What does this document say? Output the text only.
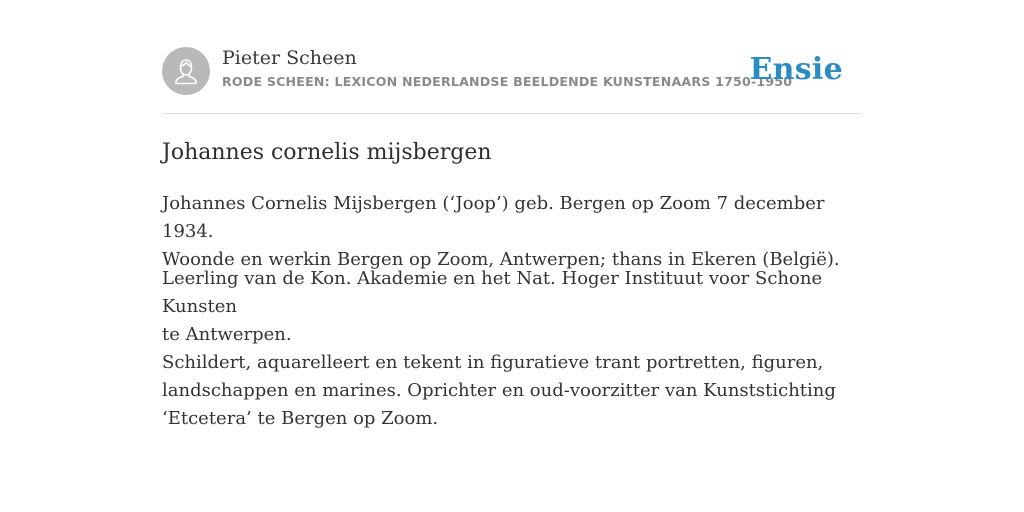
Pieter Scheen
RODE SCHEEN: LEXICON NEDERLANDSE BEELDENDE KUNSTENAARS 1750-1950
Ensie
Johannes cornelis mijsbergen

Johannes Cornelis Mijsbergen (‘Joop’) geb. Bergen op Zoom 7 december 1934.
Woonde en werkin Bergen op Zoom, Antwerpen; thans in Ekeren (België).

Leerling van de Kon. Akademie en het Nat. Hoger Instituut voor Schone Kunsten
te Antwerpen.

Schildert, aquarelleert en tekent in figuratieve trant portretten, figuren,
landschappen en marines. Oprichter en oud-voorzitter van Kunststichting
‘Etcetera’ te Bergen op Zoom.
